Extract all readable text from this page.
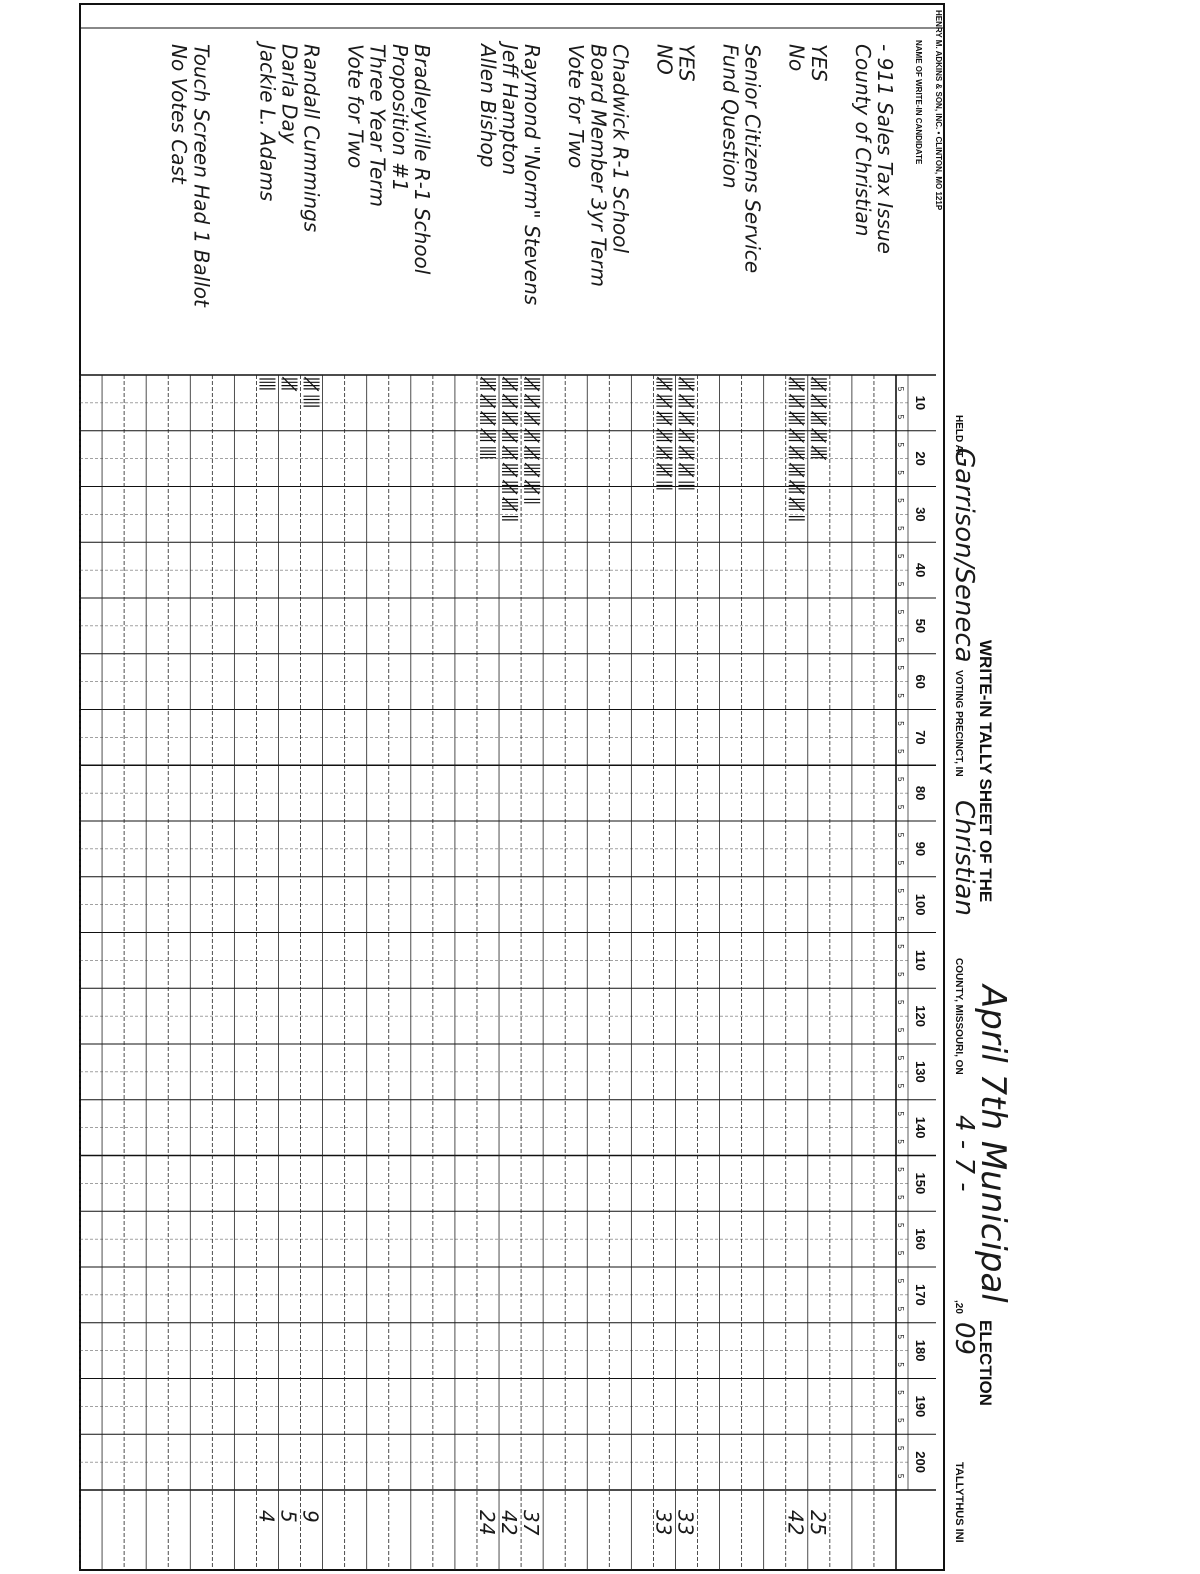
WRITE-IN TALLY SHEET OF THE
April 7th Municipal
ELECTION
HELD AT
Garrison/Seneca
VOTING PRECINCT, IN
Christian
COUNTY, MISSOURI, ON
4 - 7 -
,20
09
TALLYTHUS INI
HENRY M. ADKINS & SON, INC. • CLINTON, MO 121P
NAME OF WRITE-IN CANDIDATE
10
5
5
20
5
5
30
5
5
40
5
5
50
5
5
60
5
5
70
5
5
80
5
5
90
5
5
100
5
5
110
5
5
120
5
5
130
5
5
140
5
5
150
5
5
160
5
5
170
5
5
180
5
5
190
5
5
200
5
5
- 911 Sales Tax Issue
County of Christian
YES
25
No
42
Senior Citizens Service
Fund Question
YES
33
NO
33
Chadwick R-1 School
Board Member 3yr Term
Vote for Two
Raymond "Norm" Stevens
37
Jeff Hampton
42
Allen Bishop
24
Bradleyville R-1 School
Proposition #1
Three Year Term
Vote for Two
Randall Cummings
9
Darla Day
5
Jackie L. Adams
4
Touch Screen Had 1 Ballot
No Votes Cast
